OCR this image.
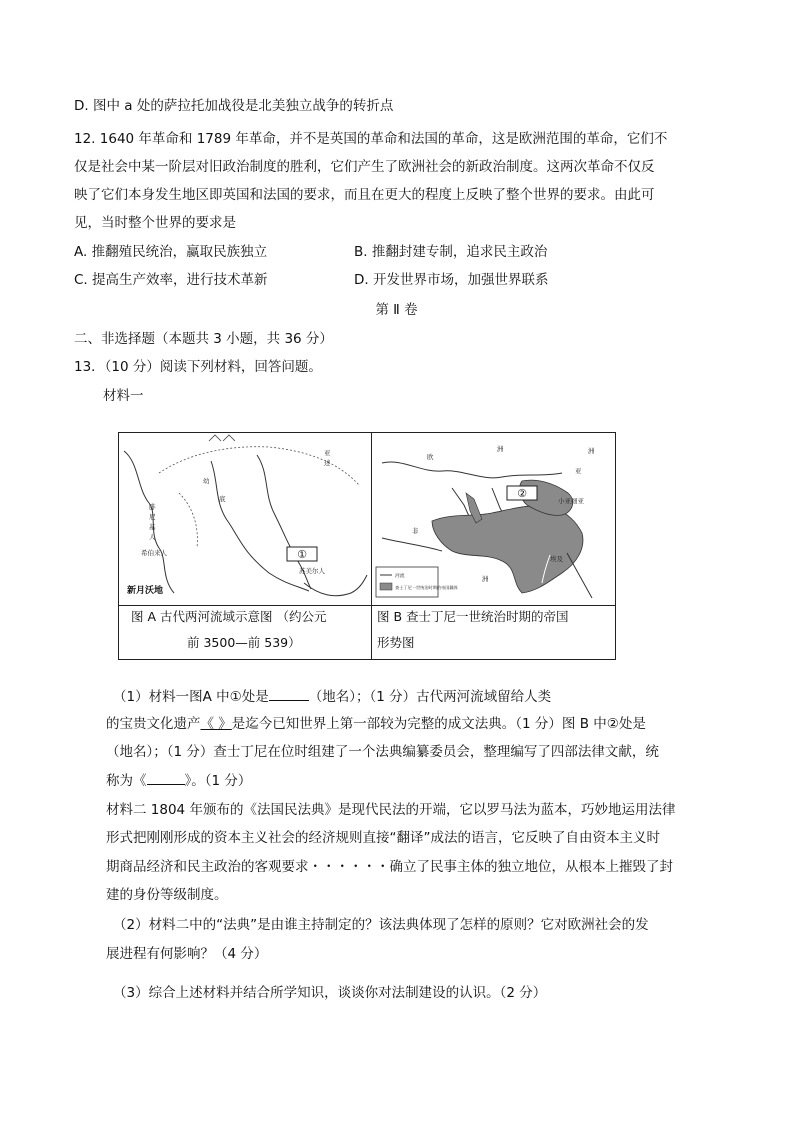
D. 图中 a 处的萨拉托加战役是北美独立战争的转折点
12. 1640 年革命和 1789 年革命，并不是英国的革命和法国的革命，这是欧洲范围的革命，它们不
仅是社会中某一阶层对旧政治制度的胜利，它们产生了欧洲社会的新政治制度。这两次革命不仅反
映了它们本身发生地区即英国和法国的要求，而且在更大的程度上反映了整个世界的要求。由此可
见，当时整个世界的要求是
A. 推翻殖民统治，赢取民族独立	B. 推翻封建专制，追求民主政治
C. 提高生产效率，进行技术革新	D. 开发世界市场，加强世界联系
第 Ⅱ 卷
二、非选择题（本题共 3 小题，共 36 分）
13．（10 分）阅读下列材料，回答问题。
材料一
亚
述
幼
底
腓
尼
基
人
希伯来人
苏美尔人
①
新月沃地
欧
洲
亚
洲
小亚细亚
非
洲
埃及
②
河流
查士丁尼一世统治时期的帝国疆界
图 A 古代两河流域示意图 （约公元
前 3500—前 539）
图 B 查士丁尼一世统治时期的帝国
形势图
（1）材料一图A 中①处是	（地名）；（1 分）古代两河流域留给人类
的宝贵文化遗产《 》是迄今已知世界上第一部较为完整的成文法典。（1 分）图 B 中②处是
（地名）；（1 分）查士丁尼在位时组建了一个法典编纂委员会，整理编写了四部法律文献，统
称为《	》。（1 分）
材料二 1804 年颁布的《法国民法典》是现代民法的开端，它以罗马法为蓝本，巧妙地运用法律
形式把刚刚形成的资本主义社会的经济规则直接“翻译”成法的语言，它反映了自由资本主义时
期商品经济和民主政治的客观要求・・・・・・确立了民事主体的独立地位，从根本上摧毁了封
建的身份等级制度。
（2）材料二中的“法典”是由谁主持制定的？该法典体现了怎样的原则？它对欧洲社会的发
展进程有何影响？（4 分）
（3）综合上述材料并结合所学知识，谈谈你对法制建设的认识。（2 分）
